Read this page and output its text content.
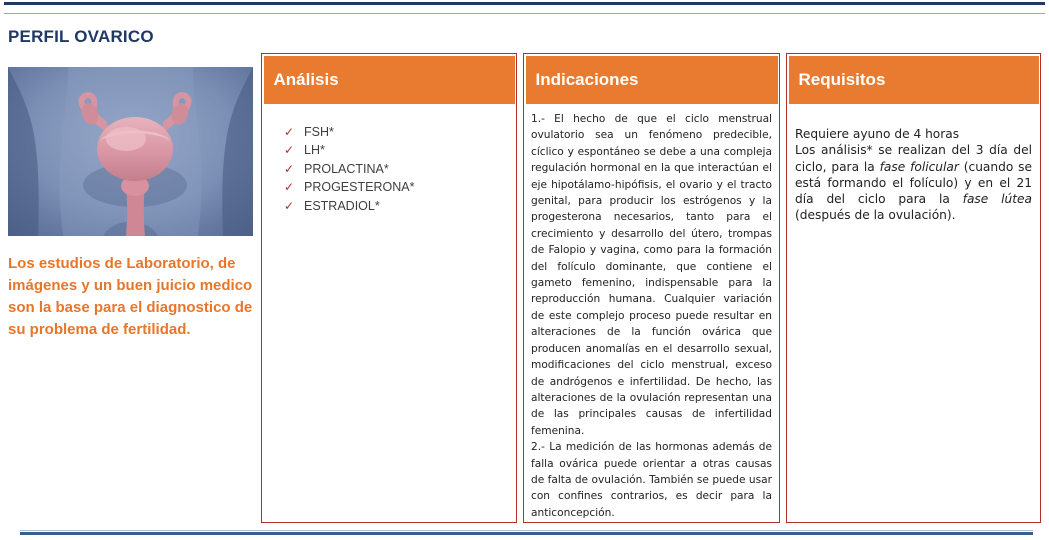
PERFIL OVARICO

Los estudios de Laboratorio, de imágenes y un buen juicio medico son la base para el diagnostico de su problema de fertilidad.

Análisis
✓ FSH*
✓ LH*
✓ PROLACTINA*
✓ PROGESTERONA*
✓ ESTRADIOL*
Indicaciones

1.- El hecho de que el ciclo menstrual ovulatorio sea un fenómeno predecible, cíclico y espontáneo se debe a una compleja regulación hormonal en la que interactúan el eje hipotálamo-hipófisis, el ovario y el tracto genital, para producir los estrógenos y la progesterona necesarios, tanto para el crecimiento y desarrollo del útero, trompas de Falopio y vagina, como para la formación del folículo dominante, que contiene el gameto femenino, indispensable para la reproducción humana. Cualquier variación de este complejo proceso puede resultar en alteraciones de la función ovárica que producen anomalías en el desarrollo sexual, modificaciones del ciclo menstrual, exceso de andrógenos e infertilidad. De hecho, las alteraciones de la ovulación representan una de las principales causas de infertilidad femenina.

2.- La medición de las hormonas además de falla ovárica puede orientar a otras causas de falta de ovulación. También se puede usar con confines contrarios, es decir para la anticoncepción.

Requisitos
Requiere ayuno de 4 horas

Los análisis* se realizan del 3 día del ciclo, para la fase folicular (cuando se está formando el folículo) y en el 21 día del ciclo para la fase lútea (después de la ovulación).
